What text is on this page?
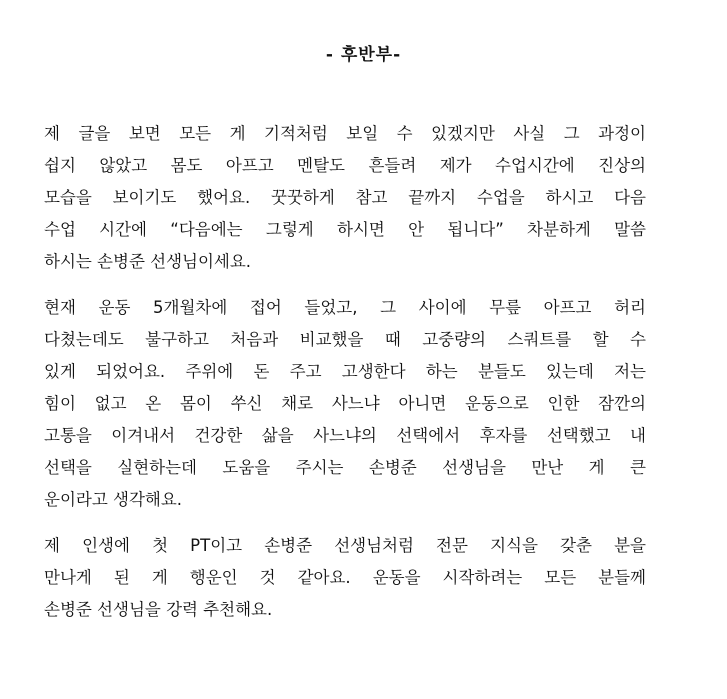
- 후반부-
제 글을 보면 모든 게 기적처럼 보일 수 있겠지만 사실 그 과정이
쉽지 않았고 몸도 아프고 멘탈도 흔들려 제가 수업시간에 진상의
모습을 보이기도 했어요. 꿋꿋하게 참고 끝까지 수업을 하시고 다음
수업 시간에 “다음에는 그렇게 하시면 안 됩니다” 차분하게 말씀
하시는 손병준 선생님이세요.
현재 운동 5개월차에 접어 들었고, 그 사이에 무릎 아프고 허리
다쳤는데도 불구하고 처음과 비교했을 때 고중량의 스쿼트를 할 수
있게 되었어요. 주위에 돈 주고 고생한다 하는 분들도 있는데 저는
힘이 없고 온 몸이 쑤신 채로 사느냐 아니면 운동으로 인한 잠깐의
고통을 이겨내서 건강한 삶을 사느냐의 선택에서 후자를 선택했고 내
선택을 실현하는데 도움을 주시는 손병준 선생님을 만난 게 큰
운이라고 생각해요.
제 인생에 첫 PT이고 손병준 선생님처럼 전문 지식을 갖춘 분을
만나게 된 게 행운인 것 같아요. 운동을 시작하려는 모든 분들께
손병준 선생님을 강력 추천해요.
